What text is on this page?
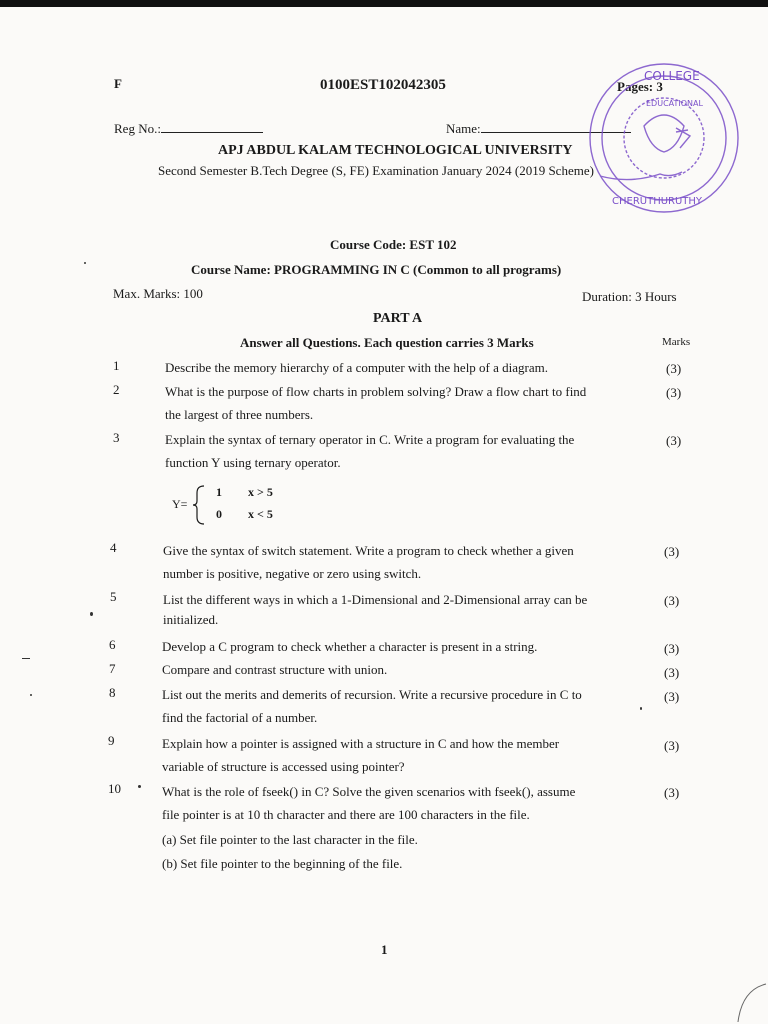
F	0100EST102042305	Pages: 3
Reg No.:	Name:
APJ ABDUL KALAM TECHNOLOGICAL UNIVERSITY
Second Semester B.Tech Degree (S, FE) Examination January 2024 (2019 Scheme)
COLLEGE
EDUCATIONAL
CHERUTHURUTHY
Course Code: EST 102
Course Name: PROGRAMMING IN C (Common to all programs)
Max. Marks: 100	Duration: 3 Hours
PART A
Answer all Questions. Each question carries 3 Marks	Marks
1	Describe the memory hierarchy of a computer with the help of a diagram.	(3)
2	What is the purpose of flow charts in problem solving? Draw a flow chart to find
the largest of three numbers.
(3)
3	Explain the syntax of ternary operator in C. Write a program for evaluating the
function Y using ternary operator.
(3)
Y=
1 x > 5
0 x < 5
4	Give the syntax of switch statement. Write a program to check whether a given
number is positive, negative or zero using switch.
(3)
5	List the different ways in which a 1-Dimensional and 2-Dimensional array can be
initialized.
(3)
6	Develop a C program to check whether a character is present in a string.	(3)
7	Compare and contrast structure with union.	(3)
8	List out the merits and demerits of recursion. Write a recursive procedure in C to
find the factorial of a number.
(3)
9	Explain how a pointer is assigned with a structure in C and how the member
variable of structure is accessed using pointer?
(3)
10	What is the role of fseek() in C? Solve the given scenarios with fseek(), assume
file pointer is at 10 th character and there are 100 characters in the file.
(3)
(a) Set file pointer to the last character in the file.
(b) Set file pointer to the beginning of the file.
1
